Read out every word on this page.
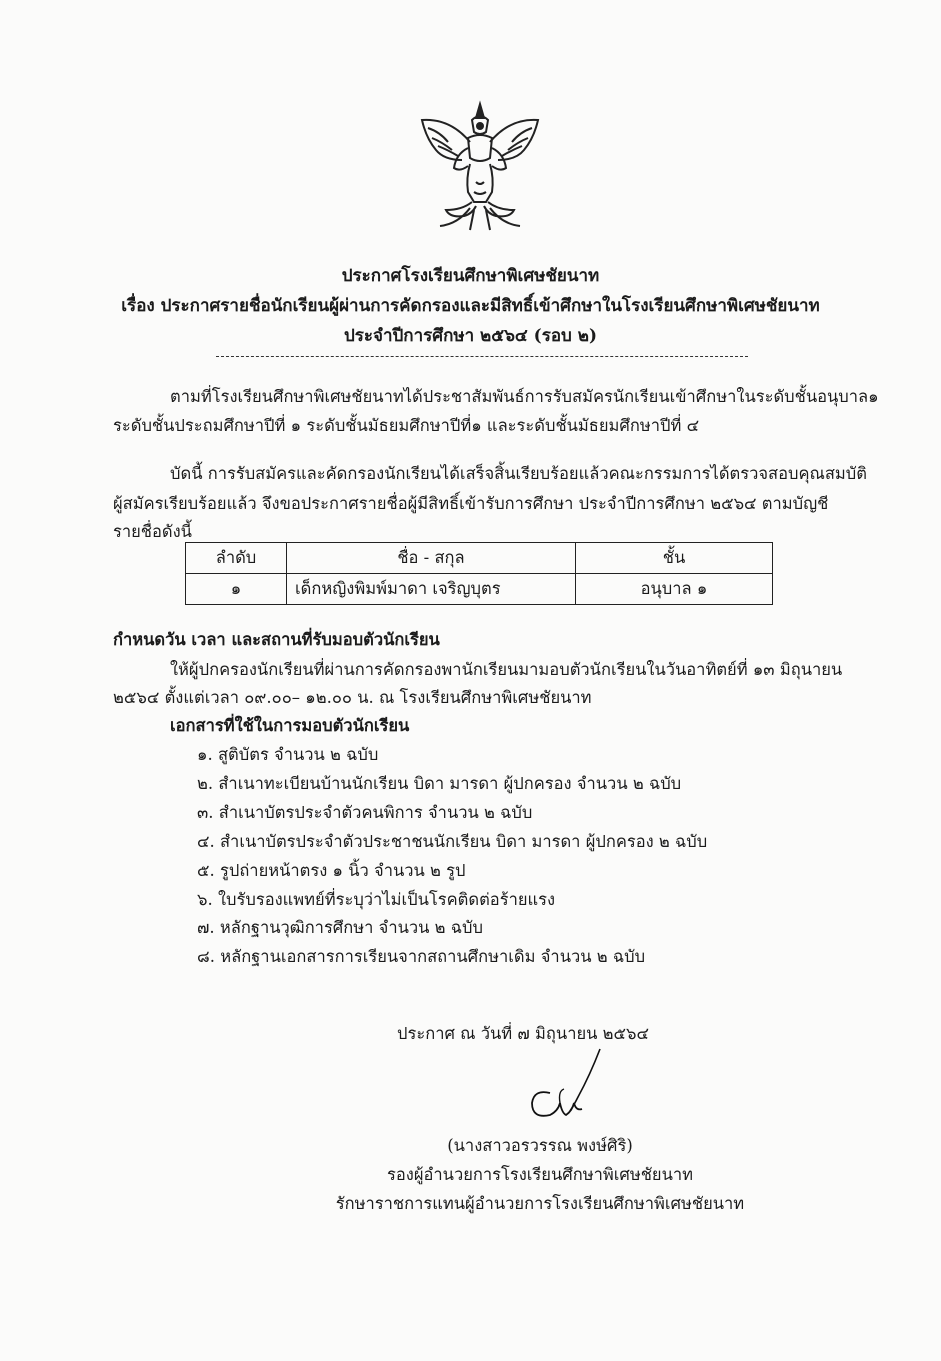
ประกาศโรงเรียนศึกษาพิเศษชัยนาท
เรื่อง ประกาศรายชื่อนักเรียนผู้ผ่านการคัดกรองและมีสิทธิ์เข้าศึกษาในโรงเรียนศึกษาพิเศษชัยนาท
ประจำปีการศึกษา ๒๕๖๔ (รอบ ๒)
ตามที่โรงเรียนศึกษาพิเศษชัยนาทได้ประชาสัมพันธ์การรับสมัครนักเรียนเข้าศึกษาในระดับชั้นอนุบาล๑
ระดับชั้นประถมศึกษาปีที่ ๑ ระดับชั้นมัธยมศึกษาปีที่๑ และระดับชั้นมัธยมศึกษาปีที่ ๔
บัดนี้ การรับสมัครและคัดกรองนักเรียนได้เสร็จสิ้นเรียบร้อยแล้วคณะกรรมการได้ตรวจสอบคุณสมบัติ
ผู้สมัครเรียบร้อยแล้ว จึงขอประกาศรายชื่อผู้มีสิทธิ์เข้ารับการศึกษา ประจำปีการศึกษา ๒๕๖๔ ตามบัญชี
รายชื่อดังนี้
ลำดับ	ชื่อ - สกุล	ชั้น
๑	เด็กหญิงพิมพ์มาดา เจริญบุตร	อนุบาล ๑
กำหนดวัน เวลา และสถานที่รับมอบตัวนักเรียน
ให้ผู้ปกครองนักเรียนที่ผ่านการคัดกรองพานักเรียนมามอบตัวนักเรียนในวันอาทิตย์ที่ ๑๓ มิถุนายน
๒๕๖๔ ตั้งแต่เวลา ๐๙.๐๐– ๑๒.๐๐ น. ณ โรงเรียนศึกษาพิเศษชัยนาท
เอกสารที่ใช้ในการมอบตัวนักเรียน
๑. สูติบัตร จำนวน ๒ ฉบับ
๒. สำเนาทะเบียนบ้านนักเรียน บิดา มารดา ผู้ปกครอง จำนวน ๒ ฉบับ
๓. สำเนาบัตรประจำตัวคนพิการ จำนวน ๒ ฉบับ
๔. สำเนาบัตรประจำตัวประชาชนนักเรียน บิดา มารดา ผู้ปกครอง ๒ ฉบับ
๕. รูปถ่ายหน้าตรง ๑ นิ้ว จำนวน ๒ รูป
๖. ใบรับรองแพทย์ที่ระบุว่าไม่เป็นโรคติดต่อร้ายแรง
๗. หลักฐานวุฒิการศึกษา จำนวน ๒ ฉบับ
๘. หลักฐานเอกสารการเรียนจากสถานศึกษาเดิม จำนวน ๒ ฉบับ
ประกาศ ณ วันที่ ๗ มิถุนายน ๒๕๖๔
(นางสาวอรวรรณ พงษ์ศิริ)
รองผู้อำนวยการโรงเรียนศึกษาพิเศษชัยนาท
รักษาราชการแทนผู้อำนวยการโรงเรียนศึกษาพิเศษชัยนาท
